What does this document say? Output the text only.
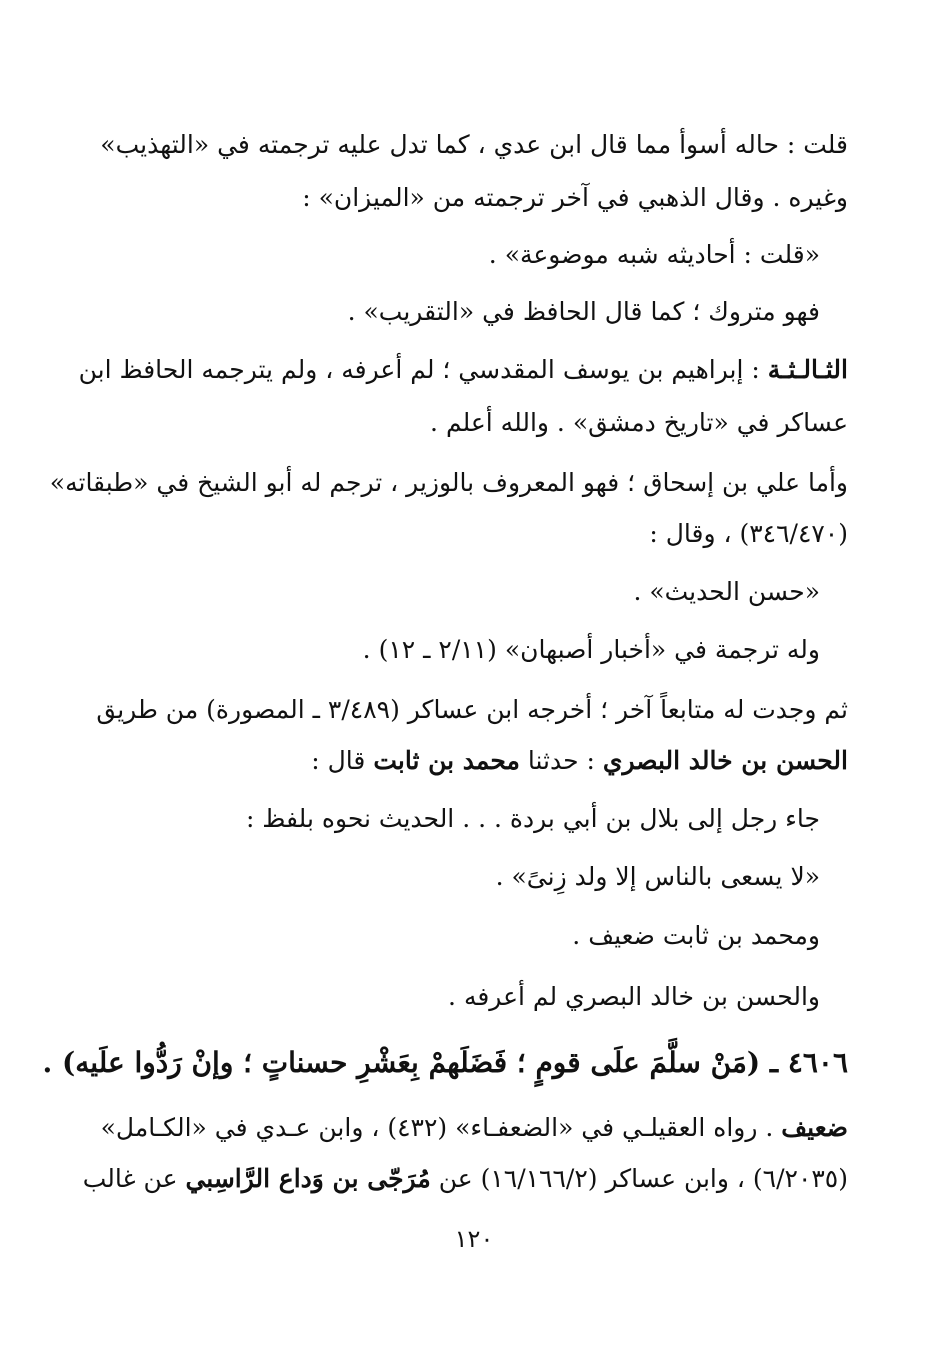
قلت : حاله أسوأ مما قال ابن عدي ، كما تدل عليه ترجمته في «التهذيب»
وغيره . وقال الذهبي في آخر ترجمته من «الميزان» :
«قلت : أحاديثه شبه موضوعة» .
فهو متروك ؛ كما قال الحافظ في «التقريب» .
الثـالـثـة : إبراهيم بن يوسف المقدسي ؛ لم أعرفه ، ولم يترجمه الحافظ ابن
عساكر في «تاريخ دمشق» . والله أعلم .
وأما علي بن إسحاق ؛ فهو المعروف بالوزير ، ترجم له أبو الشيخ في «طبقاته»
(٣٤٦/٤٧٠) ، وقال :
«حسن الحديث» .
وله ترجمة في «أخبار أصبهان» (٢/١١ ـ ١٢) .
ثم وجدت له متابعاً آخر ؛ أخرجه ابن عساكر (٣/٤٨٩ ـ المصورة) من طريق
الحسن بن خالد البصري : حدثنا محمد بن ثابت قال :
جاء رجل إلى بلال بن أبي بردة . . . الحديث نحوه بلفظ :
«لا يسعى بالناس إلا ولد زِنىً» .
ومحمد بن ثابت ضعيف .
والحسن بن خالد البصري لم أعرفه .
٤٦٠٦ ـ (مَنْ سلَّمَ علَى قومٍ ؛ فَضَلَهمْ بِعَشْرِ حسناتٍ ؛ وإنْ رَدُّوا علَيه) .
ضعيف . رواه العقيلـي في «الضعفـاء» (٤٣٢) ، وابن عـدي في «الكـامل»
(٦/٢٠٣٥) ، وابن عساكر (١٦/١٦٦/٢) عن مُرَجّى بن وَداع الرَّاسِبي عن غالب
١٢٠
